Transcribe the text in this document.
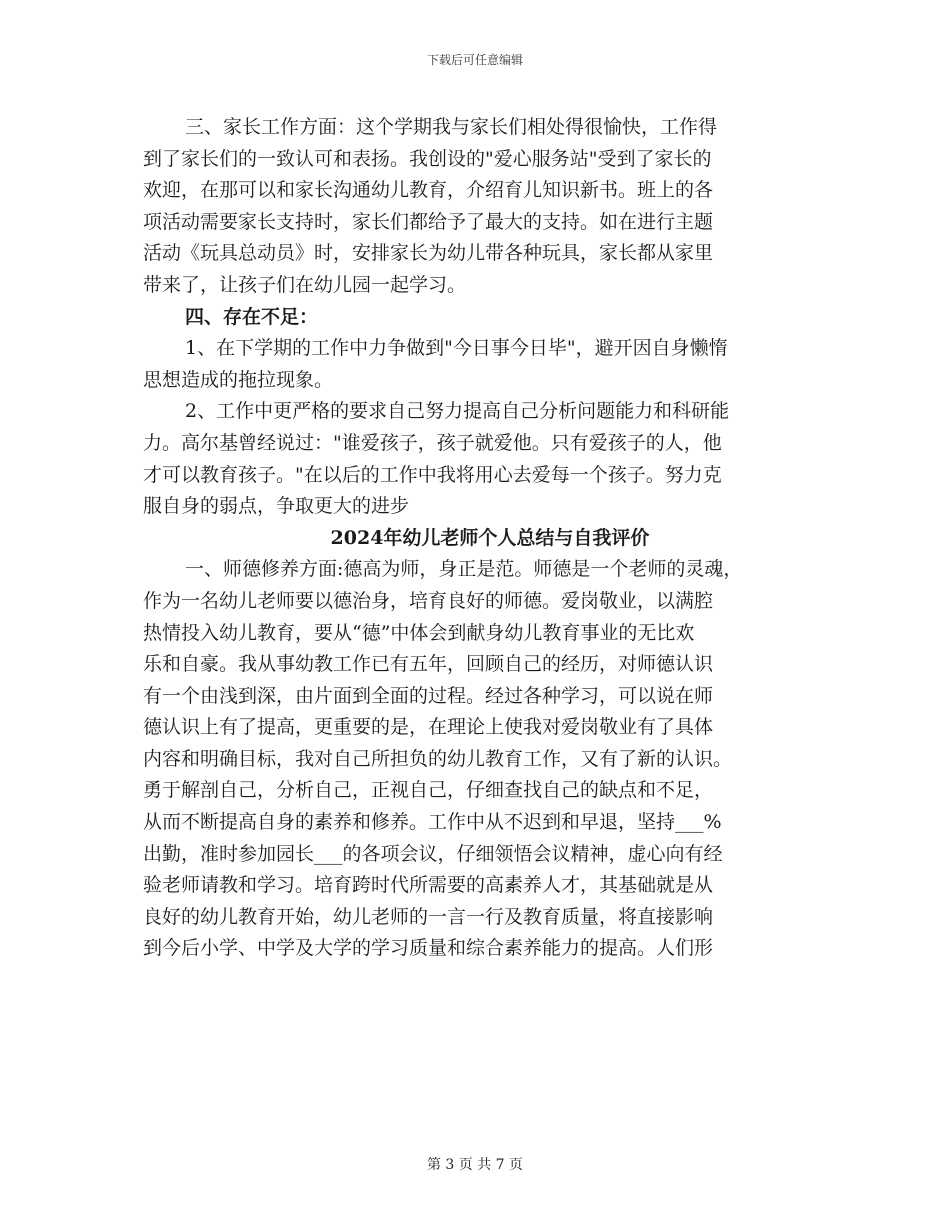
下载后可任意编辑
三、家长工作方面：这个学期我与家长们相处得很愉快，工作得
到了家长们的一致认可和表扬。我创设的"爱心服务站"受到了家长的
欢迎，在那可以和家长沟通幼儿教育，介绍育儿知识新书。班上的各
项活动需要家长支持时，家长们都给予了最大的支持。如在进行主题
活动《玩具总动员》时，安排家长为幼儿带各种玩具，家长都从家里
带来了，让孩子们在幼儿园一起学习。
四、存在不足：
1、在下学期的工作中力争做到"今日事今日毕"，避开因自身懒惰
思想造成的拖拉现象。
2、工作中更严格的要求自己努力提高自己分析问题能力和科研能
力。高尔基曾经说过："谁爱孩子，孩子就爱他。只有爱孩子的人，他
才可以教育孩子。"在以后的工作中我将用心去爱每一个孩子。努力克
服自身的弱点，争取更大的进步
2024年幼儿老师个人总结与自我评价
一、师德修养方面:德高为师，身正是范。师德是一个老师的灵魂，
作为一名幼儿老师要以德治身，培育良好的师德。爱岗敬业，以满腔
热情投入幼儿教育，要从“德”中体会到献身幼儿教育事业的无比欢
乐和自豪。我从事幼教工作已有五年，回顾自己的经历，对师德认识
有一个由浅到深，由片面到全面的过程。经过各种学习，可以说在师
德认识上有了提高，更重要的是，在理论上使我对爱岗敬业有了具体
内容和明确目标，我对自己所担负的幼儿教育工作，又有了新的认识。
勇于解剖自己，分析自己，正视自己，仔细查找自己的缺点和不足，
从而不断提高自身的素养和修养。工作中从不迟到和早退，坚持___%
出勤，准时参加园长___的各项会议，仔细领悟会议精神，虚心向有经
验老师请教和学习。培育跨时代所需要的高素养人才，其基础就是从
良好的幼儿教育开始，幼儿老师的一言一行及教育质量，将直接影响
到今后小学、中学及大学的学习质量和综合素养能力的提高。人们形
第 3 页 共 7 页
